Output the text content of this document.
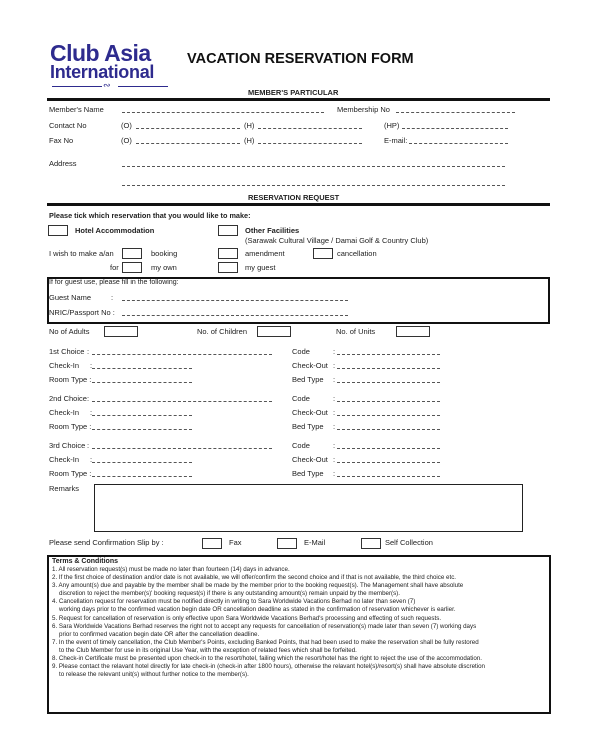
Club Asia
International
∾
VACATION RESERVATION FORM
MEMBER'S PARTICULAR
Member's Name	Membership No
Contact No	(O)	(H)	(HP)
Fax No	(O)	(H)	E-mail:
Address
RESERVATION REQUEST
Please tick which reservation that you would like to make:
Hotel Accommodation	Other Facilities
(Sarawak Cultural Village / Damai Golf & Country Club)
I wish to make a/an	booking	amendment	cancellation
for	my own	my guest
If for guest use, please fill in the following:
Guest Name	:
NRIC/Passport No :
No of Adults	No. of Children	No. of Units
1st Choice :	Code	:
Check-In :	Check-Out :
Room Type :	Bed Type :
2nd Choice :	Code	:
Check-In :	Check-Out :
Room Type :	Bed Type :
3rd Choice :	Code	:
Check-In :	Check-Out :
Room Type :	Bed Type :
Remarks
Please send Confirmation Slip by :	Fax	E-Mail	Self Collection
Terms & Conditions
1. All reservation request(s) must be made no later than fourteen (14) days in advance.
2. If the first choice of destination and/or date is not available, we will offer/confirm the second choice and if that is not available, the third choice etc.
3. Any amount(s) due and payable by the member shall be made by the member prior to the booking request(s). The Management shall have absolute
discretion to reject the member(s)' booking request(s) if there is any outstanding amount(s) remain unpaid by the member(s).
4. Cancellation request for reservation must be notified directly in writing to Sara Worldwide Vacations Berhad no later than seven (7)
working days prior to the confirmed vacation begin date OR cancellation deadline as stated in the confirmation of reservation whichever is earlier.
5. Request for cancellation of reservation is only effective upon Sara Worldwide Vacations Berhad's processing and effecting of such requests.
6. Sara Worldwide Vacations Berhad reserves the right not to accept any requests for cancellation of reservation(s) made later than seven (7) working days
prior to confirmed vacation begin date OR after the cancellation deadline.
7. In the event of timely cancellation, the Club Member's Points, excluding Banked Points, that had been used to make the reservation shall be fully restored
to the Club Member for use in its original Use Year, with the exception of related fees which shall be forfeited.
8. Check-in Certificate must be presented upon check-in to the resort/hotel, failing which the resort/hotel has the right to reject the use of the accommodation.
9. Please contact the relavant hotel directly for late check-in (check-in after 1800 hours), otherwise the relavant hotel(s)/resort(s) shall have absolute discretion
to release the relevant unit(s) without further notice to the member(s).
